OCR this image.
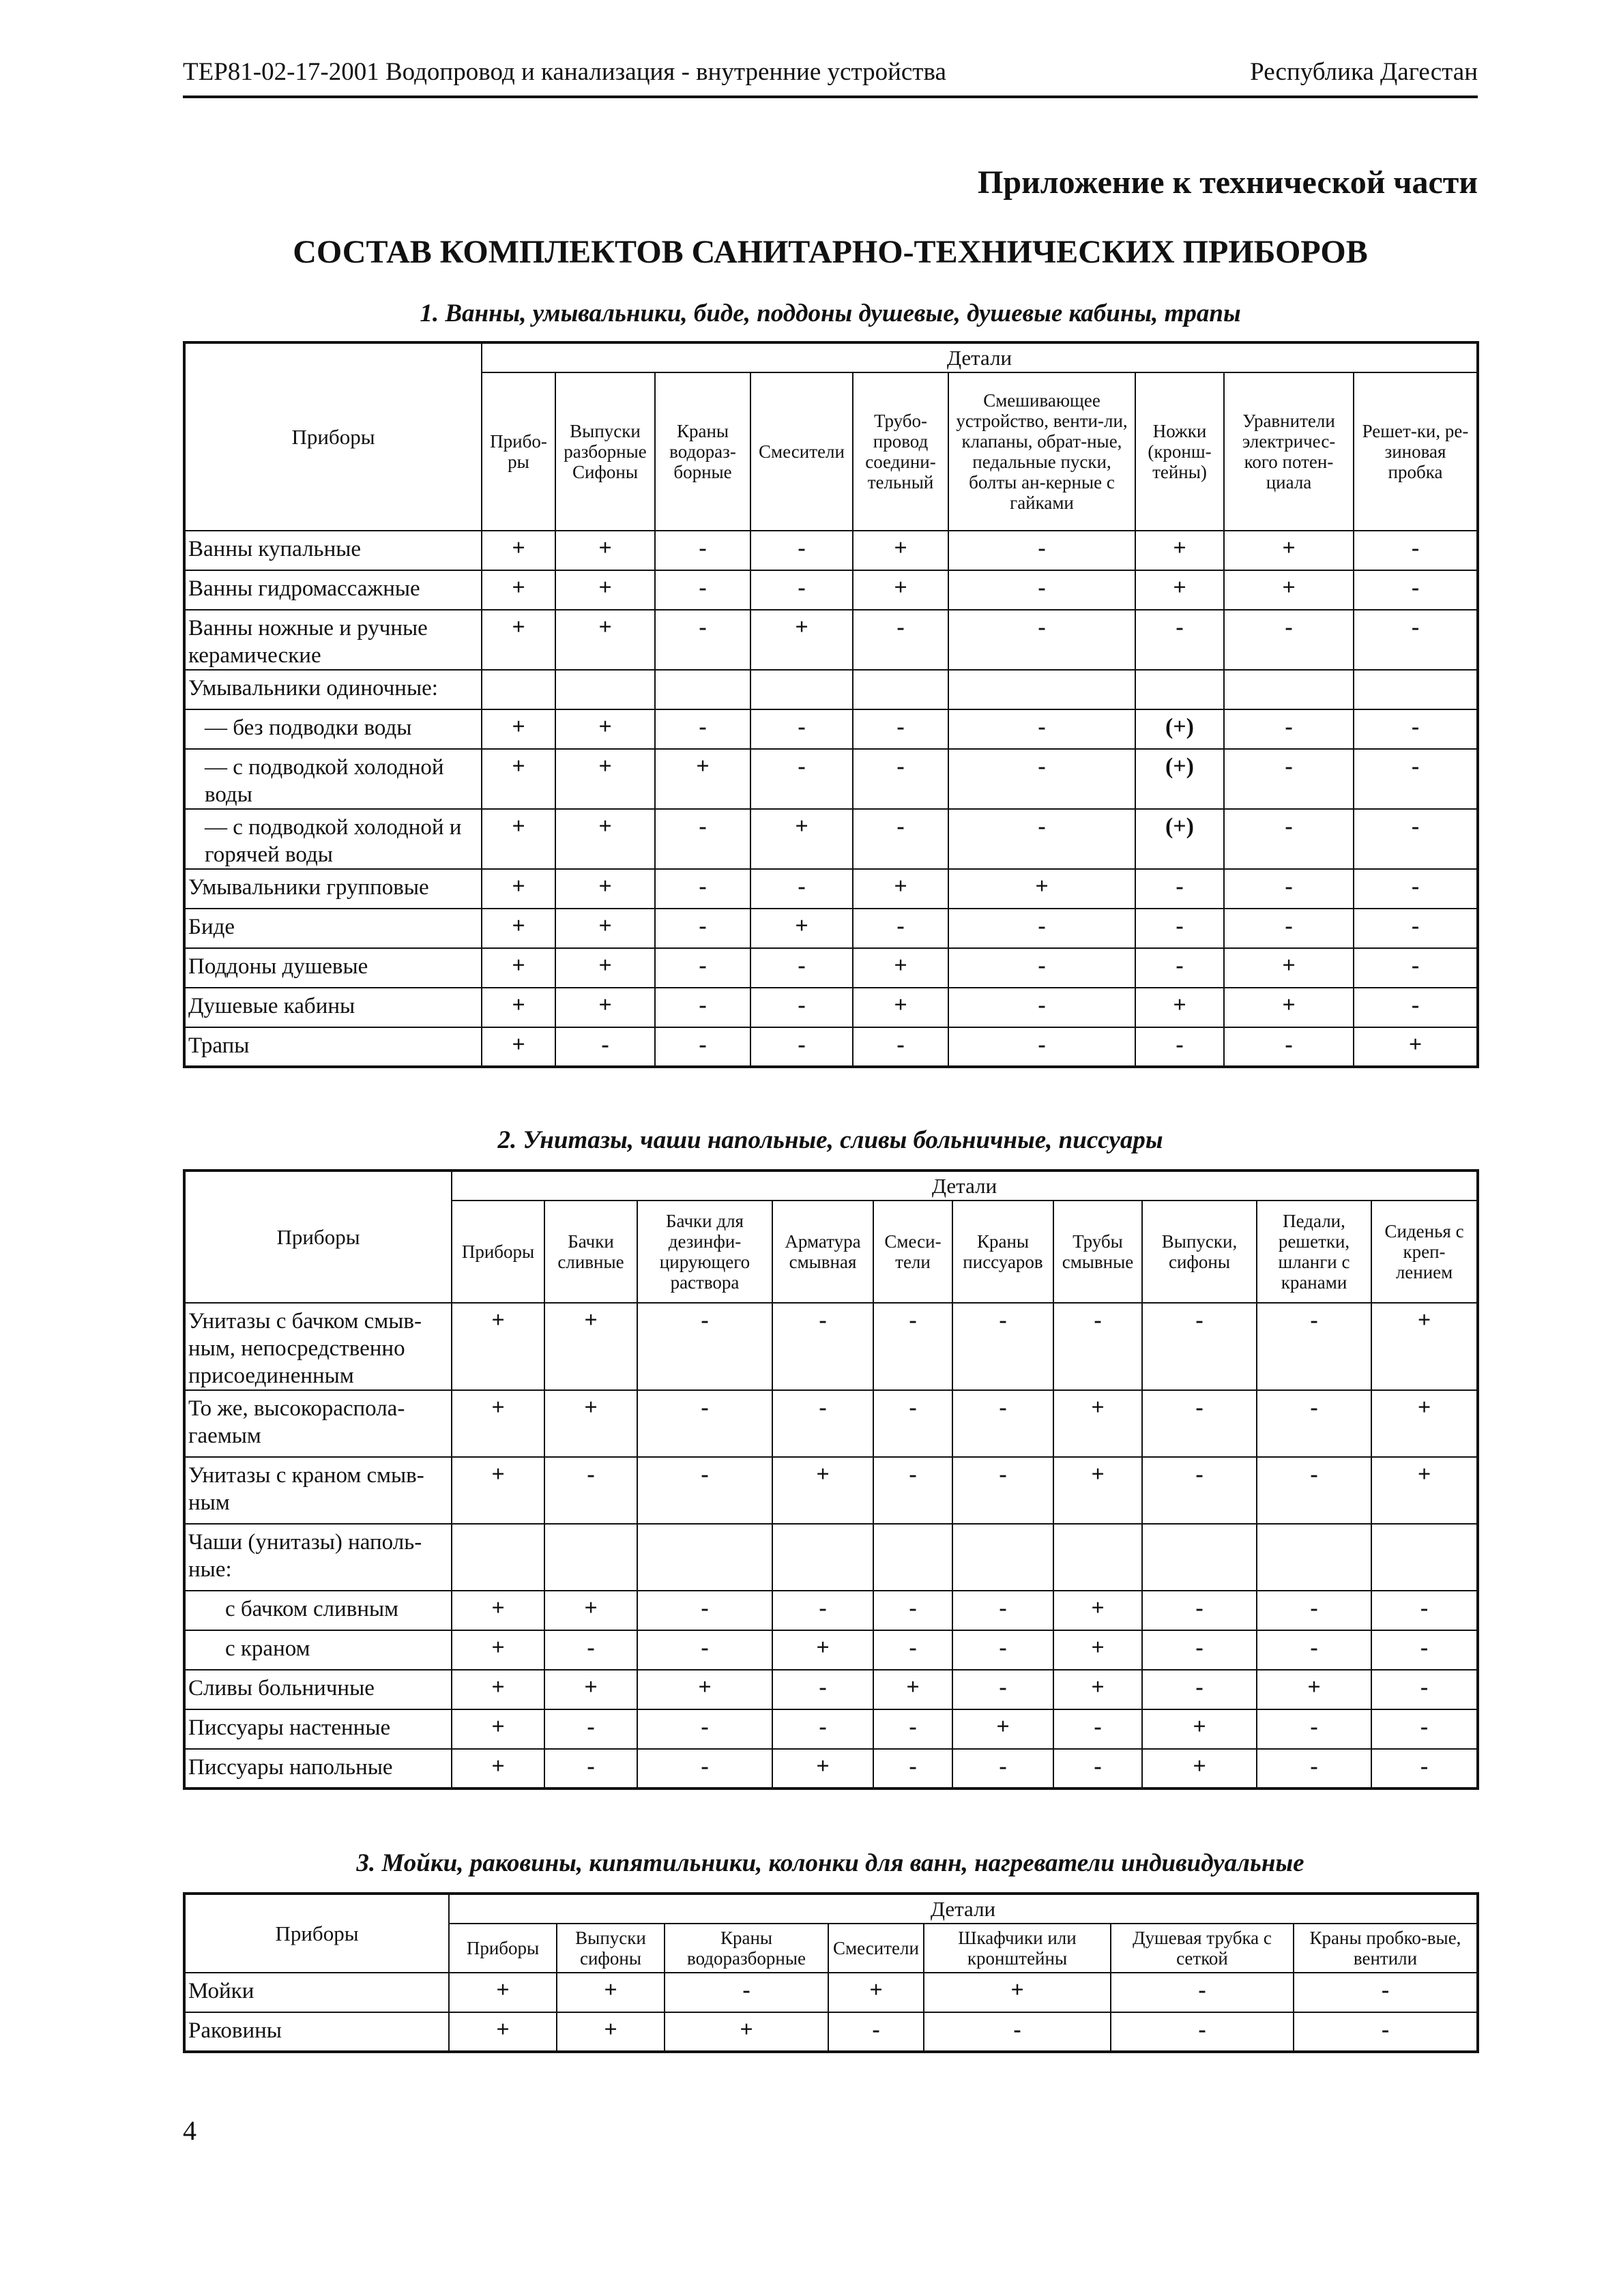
ТЕР81-02-17-2001 Водопровод и канализация - внутренние устройства	Республика Дагестан
Приложение к технической части
СОСТАВ КОМПЛЕКТОВ САНИТАРНО-ТЕХНИЧЕСКИХ ПРИБОРОВ
1. Ванны, умывальники, биде, поддоны душевые, душевые кабины, трапы
Приборы	Детали								
	Прибо-ры	Выпуски разборные Сифоны	Краны водораз-борные	Смесители	Трубо-провод соедини-тельный	Смешивающее устройство, венти-ли, клапаны, обрат-ные, педальные пуски, болты ан-керные с гайками	Ножки (кронш-тейны)	Уравнители электричес-кого потен-циала	Решет-ки, ре-зиновая пробка
Ванны купальные	+	+	-	-	+	-	+	+	-
Ванны гидромассажные	+	+	-	-	+	-	+	+	-
Ванны ножные и ручные керамические	+	+	-	+	-	-	-	-	-
Умывальники одиночные:									
— без подводки воды	+	+	-	-	-	-	(+)	-	-
— с подводкой холодной воды	+	+	+	-	-	-	(+)	-	-
— с подводкой холодной и горячей воды	+	+	-	+	-	-	(+)	-	-
Умывальники групповые	+	+	-	-	+	+	-	-	-
Биде	+	+	-	+	-	-	-	-	-
Поддоны душевые	+	+	-	-	+	-	-	+	-
Душевые кабины	+	+	-	-	+	-	+	+	-
Трапы	+	-	-	-	-	-	-	-	+
2. Унитазы, чаши напольные, сливы больничные, писсуары
Приборы	Детали									
	Приборы	Бачки сливные	Бачки для дезинфи-цирующего раствора	Арматура смывная	Смеси-тели	Краны писсуаров	Трубы смывные	Выпуски, сифоны	Педали, решетки, шланги с кранами	Сиденья с креп-лением
Унитазы с бачком смыв-ным, непосредственно присоединенным	+	+	-	-	-	-	-	-	-	+
То же, высокораспола-гаемым	+	+	-	-	-	-	+	-	-	+
Унитазы с краном смыв-ным	+	-	-	+	-	-	+	-	-	+
Чаши (унитазы) наполь-ные:										
с бачком сливным	+	+	-	-	-	-	+	-	-	-
с краном	+	-	-	+	-	-	+	-	-	-
Сливы больничные	+	+	+	-	+	-	+	-	+	-
Писсуары настенные	+	-	-	-	-	+	-	+	-	-
Писсуары напольные	+	-	-	+	-	-	-	+	-	-
3. Мойки, раковины, кипятильники, колонки для ванн, нагреватели индивидуальные
Приборы	Детали						
	Приборы	Выпуски сифоны	Краны водоразборные	Смесители	Шкафчики или кронштейны	Душевая трубка с сеткой	Краны пробко-вые, вентили
Мойки	+	+	-	+	+	-	-
Раковины	+	+	+	-	-	-	-
4
